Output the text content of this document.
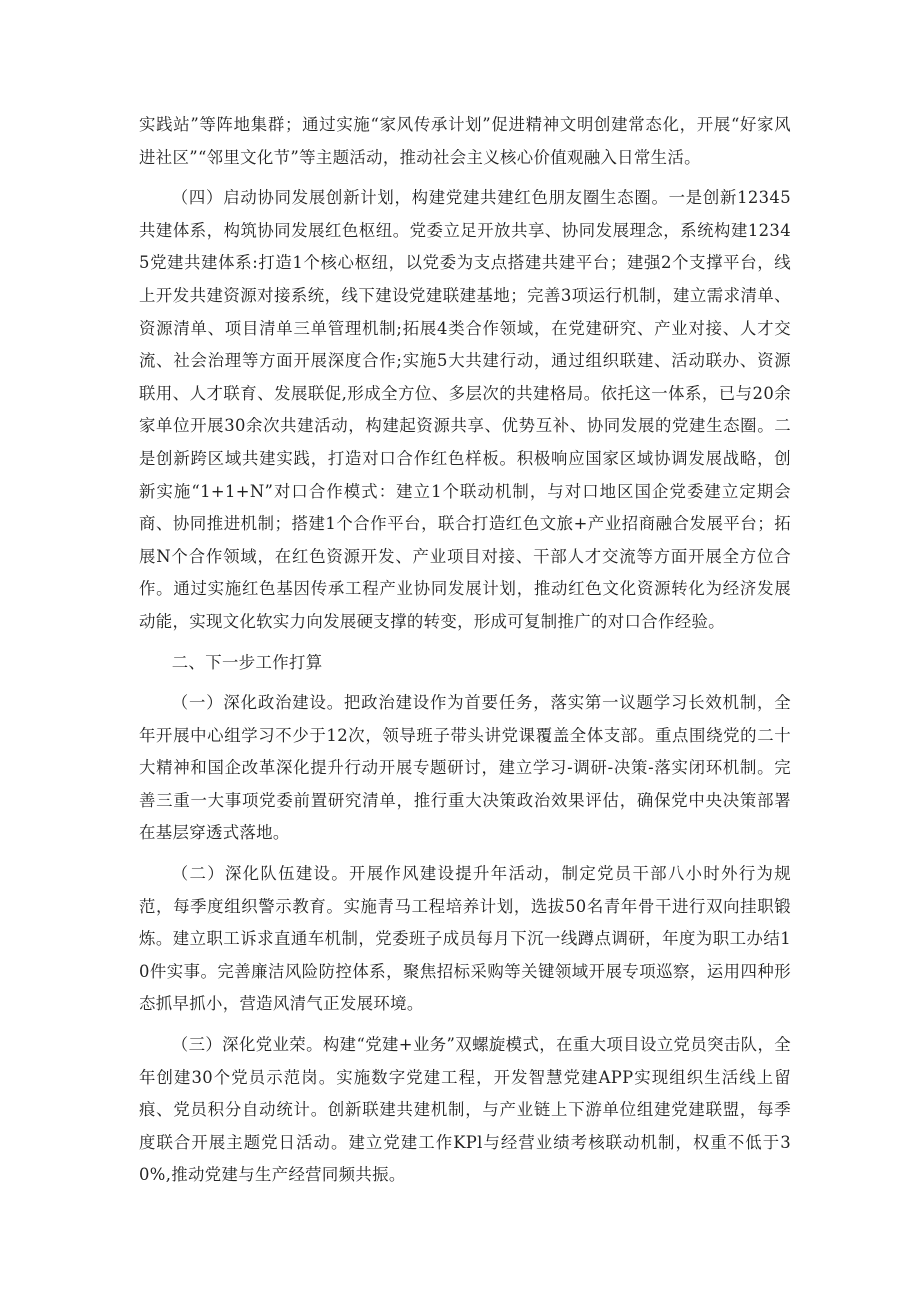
实践站”等阵地集群；通过实施“家风传承计划”促进精神文明创建常态化，开展“好家风进社区”“邻里文化节”等主题活动，推动社会主义核心价值观融入日常生活。

（四）启动协同发展创新计划，构建党建共建红色朋友圈生态圈。一是创新12345共建体系，构筑协同发展红色枢纽。党委立足开放共享、协同发展理念，系统构建12345党建共建体系:打造1个核心枢纽，以党委为支点搭建共建平台；建强2个支撑平台，线上开发共建资源对接系统，线下建设党建联建基地；完善3项运行机制，建立需求清单、资源清单、项目清单三单管理机制;拓展4类合作领域，在党建研究、产业对接、人才交流、社会治理等方面开展深度合作;实施5大共建行动，通过组织联建、活动联办、资源联用、人才联育、发展联促,形成全方位、多层次的共建格局。依托这一体系，已与20余家单位开展30余次共建活动，构建起资源共享、优势互补、协同发展的党建生态圈。二是创新跨区域共建实践，打造对口合作红色样板。积极响应国家区域协调发展战略，创新实施“1+1+N”对口合作模式：建立1个联动机制，与对口地区国企党委建立定期会商、协同推进机制；搭建1个合作平台，联合打造红色文旅+产业招商融合发展平台；拓展N个合作领域，在红色资源开发、产业项目对接、干部人才交流等方面开展全方位合作。通过实施红色基因传承工程产业协同发展计划，推动红色文化资源转化为经济发展动能，实现文化软实力向发展硬支撑的转变，形成可复制推广的对口合作经验。

二、下一步工作打算

（一）深化政治建设。把政治建设作为首要任务，落实第一议题学习长效机制，全年开展中心组学习不少于12次，领导班子带头讲党课覆盖全体支部。重点围绕党的二十大精神和国企改革深化提升行动开展专题研讨，建立学习-调研-决策-落实闭环机制。完善三重一大事项党委前置研究清单，推行重大决策政治效果评估，确保党中央决策部署在基层穿透式落地。

（二）深化队伍建设。开展作风建设提升年活动，制定党员干部八小时外行为规范，每季度组织警示教育。实施青马工程培养计划，选拔50名青年骨干进行双向挂职锻炼。建立职工诉求直通车机制，党委班子成员每月下沉一线蹲点调研，年度为职工办结10件实事。完善廉洁风险防控体系，聚焦招标采购等关键领域开展专项巡察，运用四种形态抓早抓小，营造风清气正发展环境。

（三）深化党业荣。构建“党建+业务”双螺旋模式，在重大项目设立党员突击队，全年创建30个党员示范岗。实施数字党建工程，开发智慧党建APP实现组织生活线上留痕、党员积分自动统计。创新联建共建机制，与产业链上下游单位组建党建联盟，每季度联合开展主题党日活动。建立党建工作KPl与经营业绩考核联动机制，权重不低于30%,推动党建与生产经营同频共振。
